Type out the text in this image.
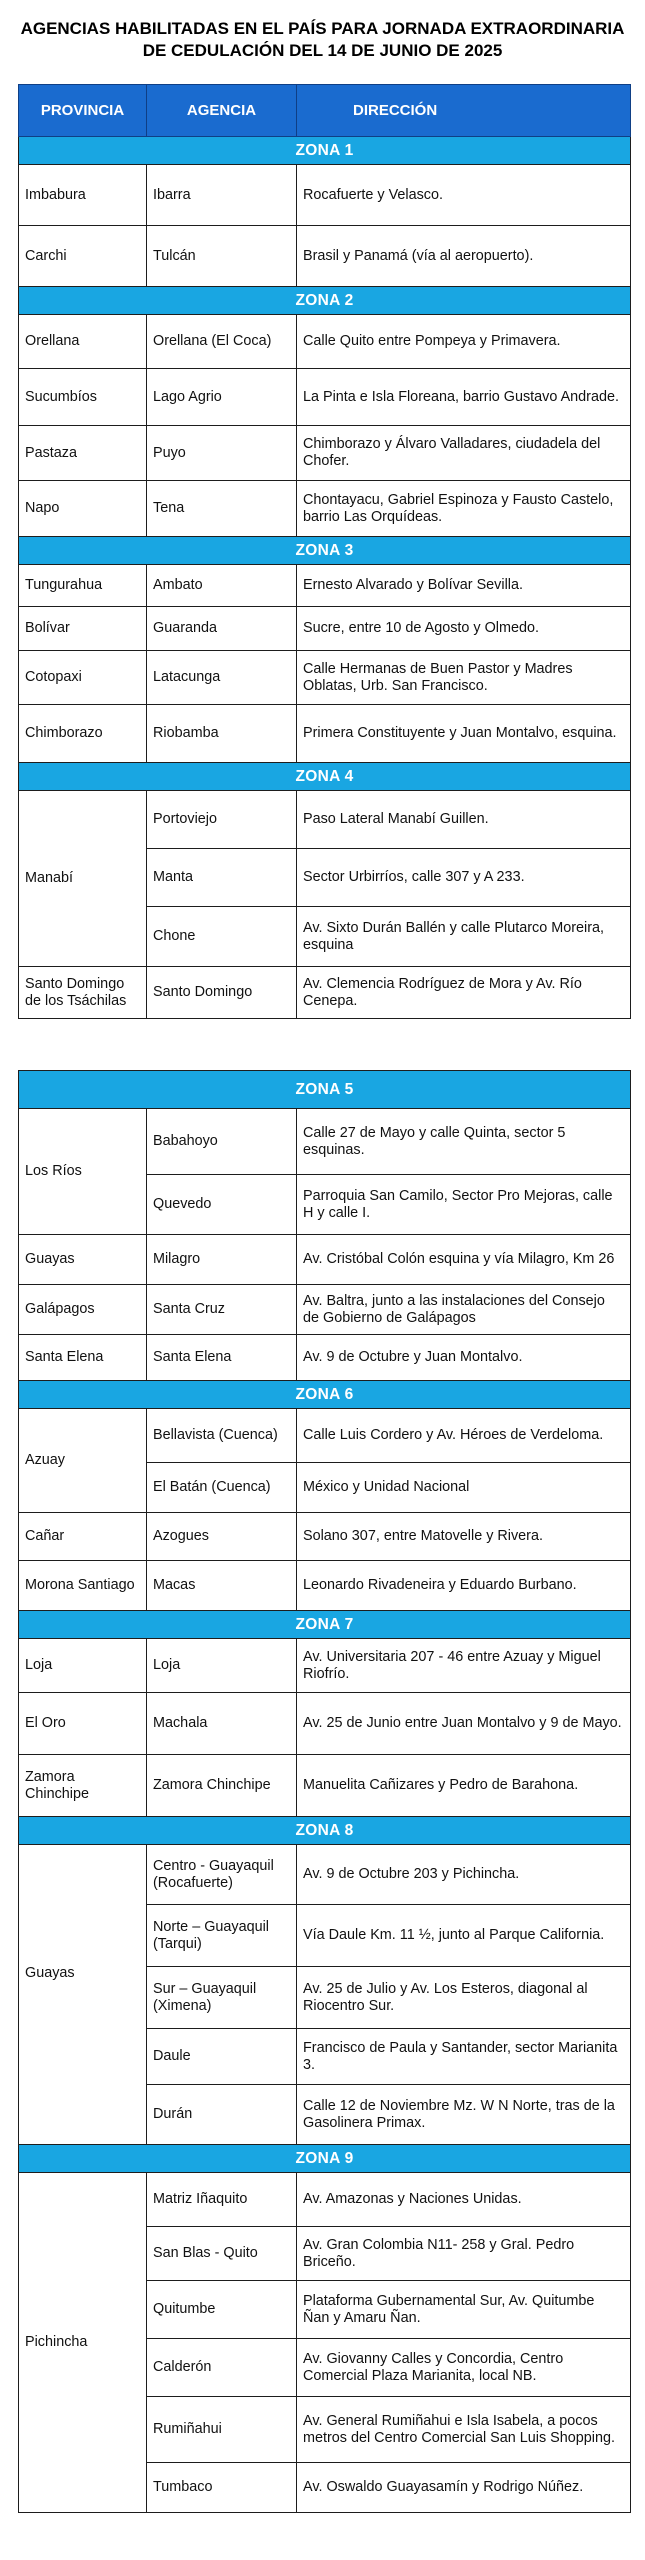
AGENCIAS HABILITADAS EN EL PAÍS PARA JORNADA EXTRAORDINARIA
DE CEDULACIÓN DEL 14 DE JUNIO DE 2025
PROVINCIA	AGENCIA	DIRECCIÓN
ZONA 1		
Imbabura	Ibarra	Rocafuerte y Velasco.
Carchi	Tulcán	Brasil y Panamá (vía al aeropuerto).
ZONA 2		
Orellana	Orellana (El Coca)	Calle Quito entre Pompeya y Primavera.
Sucumbíos	Lago Agrio	La Pinta e Isla Floreana, barrio Gustavo Andrade.
Pastaza	Puyo	Chimborazo y Álvaro Valladares, ciudadela del Chofer.
Napo	Tena	Chontayacu, Gabriel Espinoza y Fausto Castelo, barrio Las Orquídeas.
ZONA 3		
Tungurahua	Ambato	Ernesto Alvarado y Bolívar Sevilla.
Bolívar	Guaranda	Sucre, entre 10 de Agosto y Olmedo.
Cotopaxi	Latacunga	Calle Hermanas de Buen Pastor y Madres Oblatas, Urb. San Francisco.
Chimborazo	Riobamba	Primera Constituyente y Juan Montalvo, esquina.
ZONA 4		
Manabí	Portoviejo	Paso Lateral Manabí Guillen.
	Manta	Sector Urbirríos, calle 307 y A 233.
	Chone	Av. Sixto Durán Ballén y calle Plutarco Moreira, esquina
Santo Domingo de los Tsáchilas	Santo Domingo	Av. Clemencia Rodríguez de Mora y Av. Río Cenepa.
ZONA 5		
Los Ríos	Babahoyo	Calle 27 de Mayo y calle Quinta, sector 5 esquinas.
	Quevedo	Parroquia San Camilo, Sector Pro Mejoras, calle H y calle I.
Guayas	Milagro	Av. Cristóbal Colón esquina y vía Milagro, Km 26
Galápagos	Santa Cruz	Av. Baltra, junto a las instalaciones del Consejo de Gobierno de Galápagos
Santa Elena	Santa Elena	Av. 9 de Octubre y Juan Montalvo.
ZONA 6		
Azuay	Bellavista (Cuenca)	Calle Luis Cordero y Av. Héroes de Verdeloma.
	El Batán (Cuenca)	México y Unidad Nacional
Cañar	Azogues	Solano 307, entre Matovelle y Rivera.
Morona Santiago	Macas	Leonardo Rivadeneira y Eduardo Burbano.
ZONA 7		
Loja	Loja	Av. Universitaria 207 - 46 entre Azuay y Miguel Riofrío.
El Oro	Machala	Av. 25 de Junio entre Juan Montalvo y 9 de Mayo.
Zamora Chinchipe	Zamora Chinchipe	Manuelita Cañizares y Pedro de Barahona.
ZONA 8		
Guayas	Centro - Guayaquil (Rocafuerte)	Av. 9 de Octubre 203 y Pichincha.
	Norte – Guayaquil (Tarqui)	Vía Daule Km. 11 ½, junto al Parque California.
	Sur – Guayaquil (Ximena)	Av. 25 de Julio y Av. Los Esteros, diagonal al Riocentro Sur.
	Daule	Francisco de Paula y Santander, sector Marianita 3.
	Durán	Calle 12 de Noviembre Mz. W N Norte, tras de la Gasolinera Primax.
ZONA 9		
Pichincha	Matriz Iñaquito	Av. Amazonas y Naciones Unidas.
	San Blas - Quito	Av. Gran Colombia N11- 258 y Gral. Pedro Briceño.
	Quitumbe	Plataforma Gubernamental Sur, Av. Quitumbe Ñan y Amaru Ñan.
	Calderón	Av. Giovanny Calles y Concordia, Centro Comercial Plaza Marianita, local NB.
	Rumiñahui	Av. General Rumiñahui e Isla Isabela, a pocos metros del Centro Comercial San Luis Shopping.
	Tumbaco	Av. Oswaldo Guayasamín y Rodrigo Núñez.
